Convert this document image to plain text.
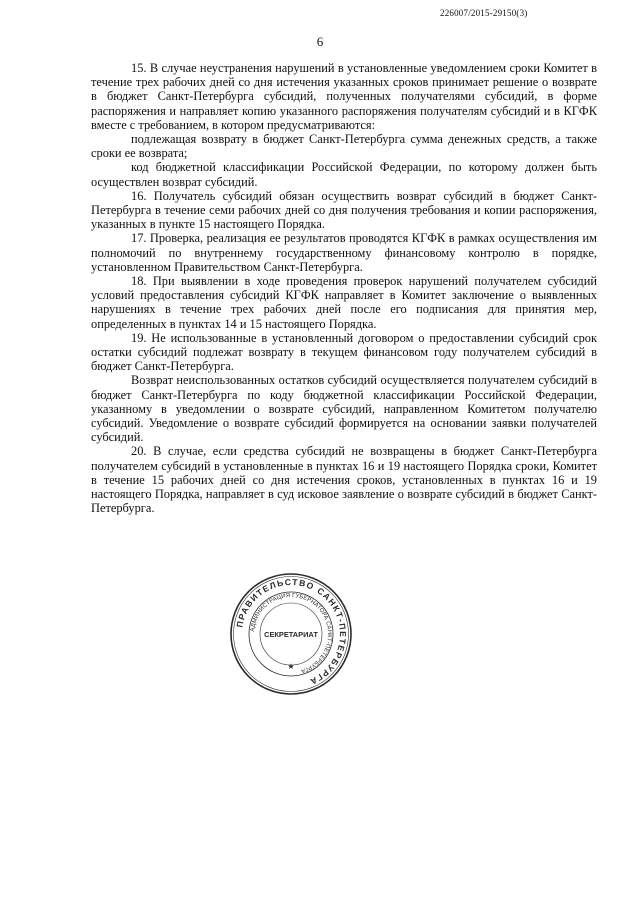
226007/2015-29150(3)
6

15. В случае неустранения нарушений в установленные уведомлением сроки Комитет в течение трех рабочих дней со дня истечения указанных сроков принимает решение о возврате в бюджет Санкт-Петербурга субсидий, полученных получателями субсидий, в форме распоряжения и направляет копию указанного распоряжения получателям субсидий и в КГФК вместе с требованием, в котором предусматриваются:

подлежащая возврату в бюджет Санкт-Петербурга сумма денежных средств, а также сроки ее возврата;

код бюджетной классификации Российской Федерации, по которому должен быть осуществлен возврат субсидий.

16. Получатель субсидий обязан осуществить возврат субсидий в бюджет Санкт-Петербурга в течение семи рабочих дней со дня получения требования и копии распоряжения, указанных в пункте 15 настоящего Порядка.

17. Проверка, реализация ее результатов проводятся КГФК в рамках осуществления им полномочий по внутреннему государственному финансовому контролю в порядке, установленном Правительством Санкт-Петербурга.

18. При выявлении в ходе проведения проверок нарушений получателем субсидий условий предоставления субсидий КГФК направляет в Комитет заключение о выявленных нарушениях в течение трех рабочих дней после его подписания для принятия мер, определенных в пунктах 14 и 15 настоящего Порядка.

19. Не использованные в установленный договором о предоставлении субсидий срок остатки субсидий подлежат возврату в текущем финансовом году получателем субсидий в бюджет Санкт-Петербурга.

Возврат неиспользованных остатков субсидий осуществляется получателем субсидий в бюджет Санкт-Петербурга по коду бюджетной классификации Российской Федерации, указанному в уведомлении о возврате субсидий, направленном Комитетом получателю субсидий. Уведомление о возврате субсидий формируется на основании заявки получателей субсидий.

20. В случае, если средства субсидий не возвращены в бюджет Санкт-Петербурга получателем субсидий в установленные в пунктах 16 и 19 настоящего Порядка сроки, Комитет в течение 15 рабочих дней со дня истечения сроков, установленных в пунктах 16 и 19 настоящего Порядка, направляет в суд исковое заявление о возврате субсидий в бюджет Санкт-Петербурга.

ПРАВИТЕЛЬСТВО САНКТ-ПЕТЕРБУРГА
АДМИНИСТРАЦИЯ ГУБЕРНАТОРА САНКТ-ПЕТЕРБУРГА
СЕКРЕТАРИАТ
★
